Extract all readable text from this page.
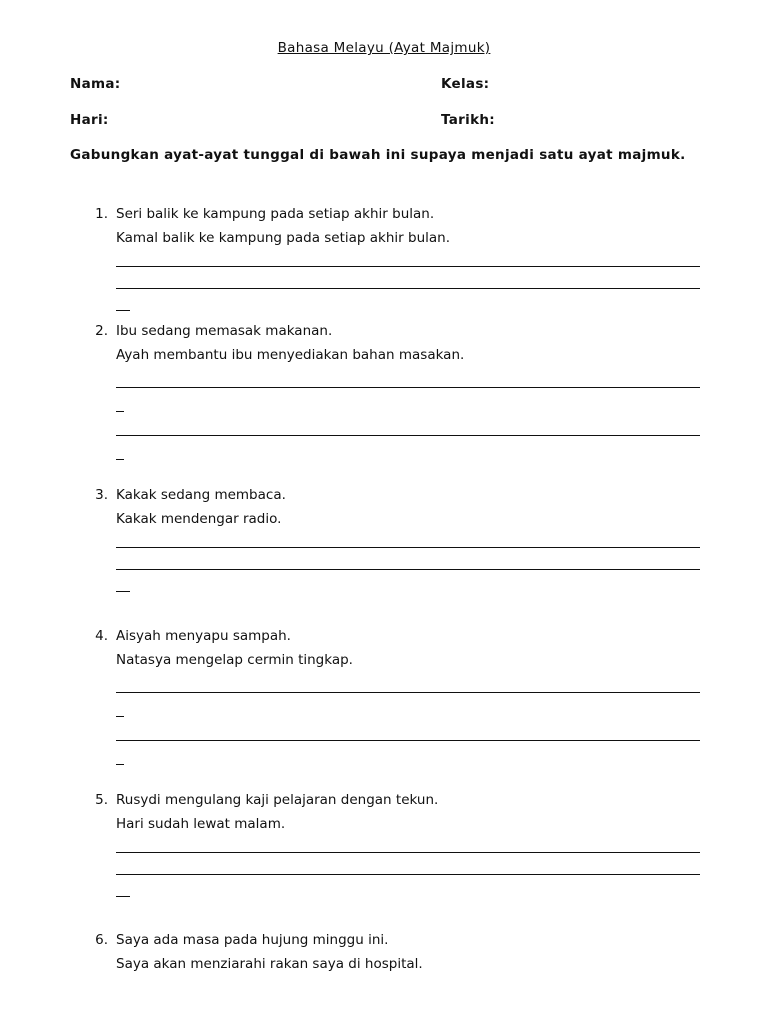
Bahasa Melayu (Ayat Majmuk)
Nama:	Kelas:
Hari:	Tarikh:
Gabungkan ayat-ayat tunggal di bawah ini supaya menjadi satu ayat majmuk.
1. Seri balik ke kampung pada setiap akhir bulan.
Kamal balik ke kampung pada setiap akhir bulan.
2. Ibu sedang memasak makanan.
Ayah membantu ibu menyediakan bahan masakan.
3. Kakak sedang membaca.
Kakak mendengar radio.
4. Aisyah menyapu sampah.
Natasya mengelap cermin tingkap.
5. Rusydi mengulang kaji pelajaran dengan tekun.
Hari sudah lewat malam.
6. Saya ada masa pada hujung minggu ini.
Saya akan menziarahi rakan saya di hospital.
